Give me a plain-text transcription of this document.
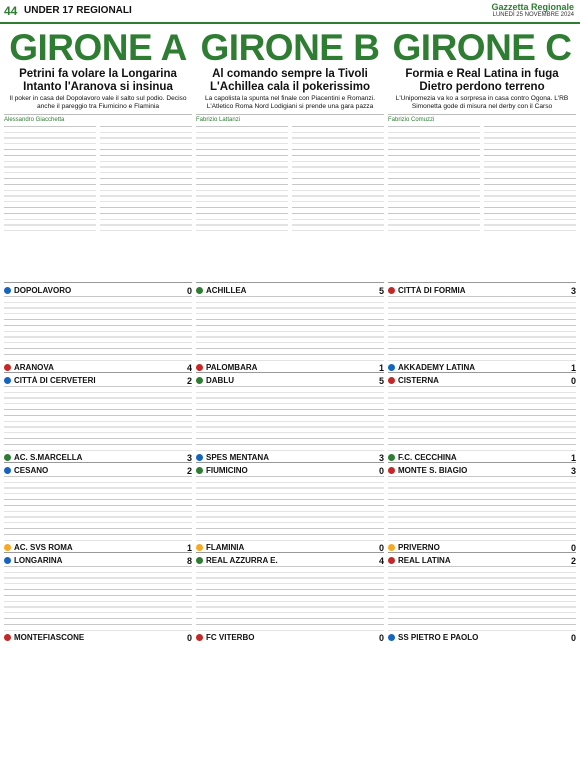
44 UNDER 17 REGIONALI	Gazzetta Regionale
LUNEDÌ 25 NOVEMBRE 2024
GIRONE A
Petrini fa volare la Longarina Intanto l'Aranova si insinua
Il poker in casa del Dopolavoro vale il salto sul podio. Deciso anche il pareggio tra Fiumicino e Flaminia
Alessandro Giacchetta
DOPOLAVORO	0
ARANOVA	4
CITTÀ DI CERVETERI	2
AC. S.MARCELLA	3
CESANO	2
AC. SVS ROMA	1
LONGARINA	8
MONTEFIASCONE	0
GIRONE B
Al comando sempre la Tivoli L'Achillea cala il pokerissimo
La capolista la spunta nel finale con Piacentini e Romanzi. L'Atletico Roma Nord Lodigiani si prende una gara pazza
Fabrizio Lattanzi
ACHILLEA	5
PALOMBARA	1
DABLU	5
SPES MENTANA	3
FIUMICINO	0
FLAMINIA	0
REAL AZZURRA E.	4
FC VITERBO	0
GIRONE C
Formia e Real Latina in fuga Dietro perdono terreno
L'Unipomezia va ko a sorpresa in casa contro Ogona. L'RB Simonetta gode di misura nel derby con il Carso
Fabrizio Comuzzi
CITTÀ DI FORMIA	3
AKKADEMY LATINA	1
CISTERNA	0
F.C. CECCHINA	1
MONTE S. BIAGIO	3
PRIVERNO	0
REAL LATINA	2
SS PIETRO E PAOLO	0
